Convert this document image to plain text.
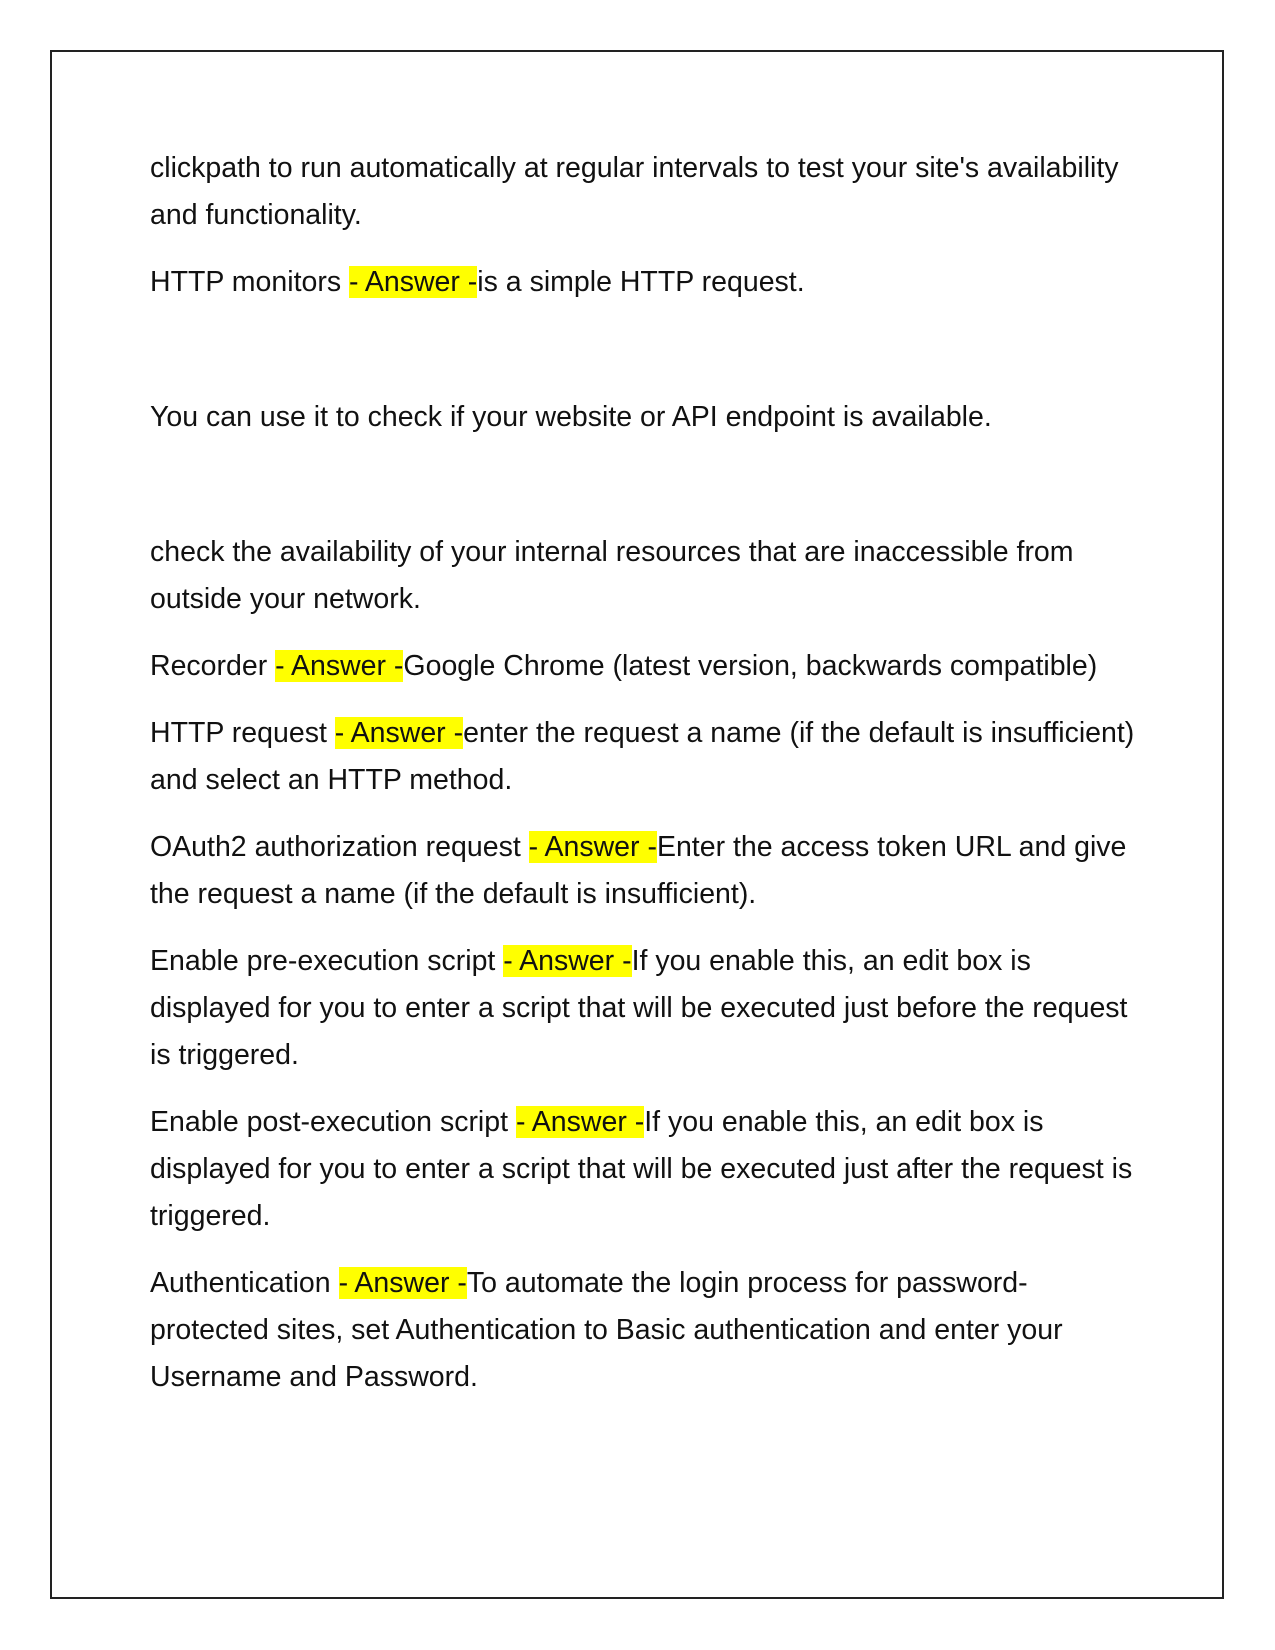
clickpath to run automatically at regular intervals to test your site's availability and functionality.

HTTP monitors - Answer -is a simple HTTP request.

You can use it to check if your website or API endpoint is available.

check the availability of your internal resources that are inaccessible from outside your network.

Recorder - Answer -Google Chrome (latest version, backwards compatible)

HTTP request - Answer -enter the request a name (if the default is insufficient) and select an HTTP method.

OAuth2 authorization request - Answer -Enter the access token URL and give the request a name (if the default is insufficient).

Enable pre-execution script - Answer -If you enable this, an edit box is displayed for you to enter a script that will be executed just before the request is triggered.

Enable post-execution script - Answer -If you enable this, an edit box is displayed for you to enter a script that will be executed just after the request is triggered.

Authentication - Answer -To automate the login process for password-protected sites, set Authentication to Basic authentication and enter your Username and Password.
